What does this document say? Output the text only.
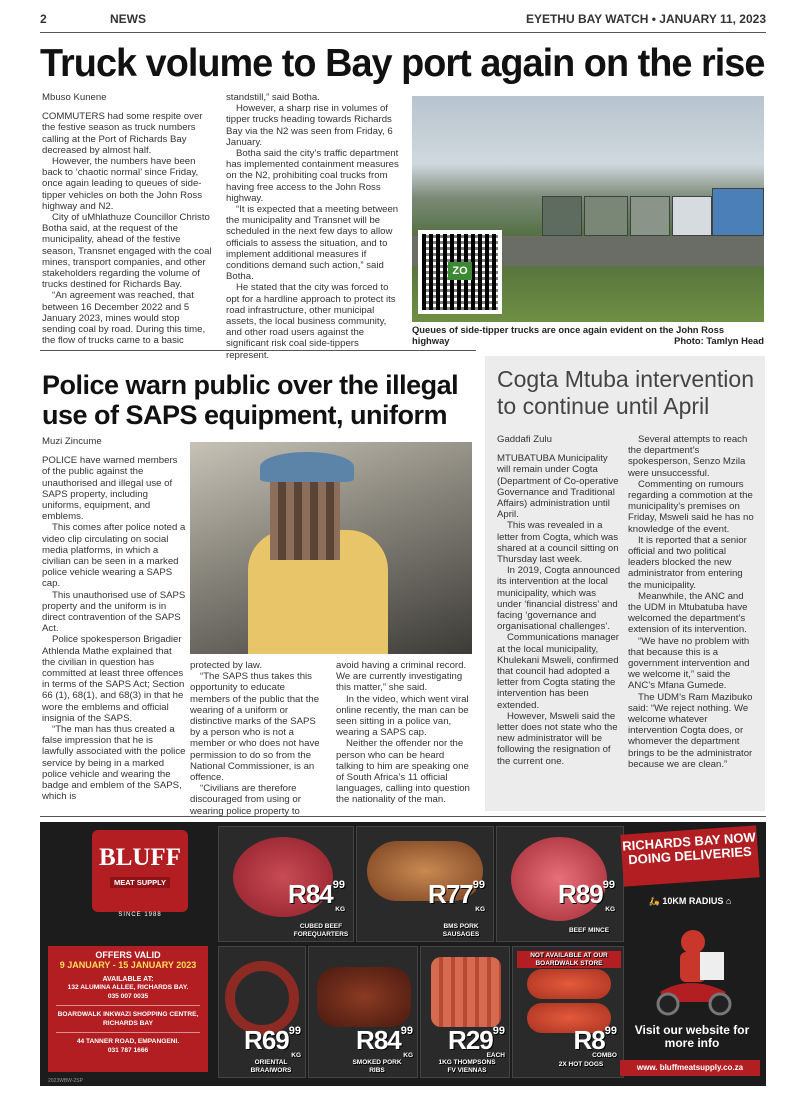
2	NEWS	EYETHU BAY WATCH • JANUARY 11, 2023
Truck volume to Bay port again on the rise
Mbuso Kunene

COMMUTERS had some respite over the festive season as truck numbers calling at the Port of Richards Bay decreased by almost half.

However, the numbers have been back to ‘chaotic normal’ since Friday, once again leading to queues of side-tipper vehicles on both the John Ross highway and N2.

City of uMhlathuze Councillor Christo Botha said, at the request of the municipality, ahead of the festive season, Transnet engaged with the coal mines, transport companies, and other stakeholders regarding the volume of trucks destined for Richards Bay.

“An agreement was reached, that between 16 December 2022 and 5 January 2023, mines would stop sending coal by road. During this time, the flow of trucks came to a basic

standstill,” said Botha.

However, a sharp rise in volumes of tipper trucks heading towards Richards Bay via the N2 was seen from Friday, 6 January.

Botha said the city’s traffic department has implemented containment measures on the N2, prohibiting coal trucks from having free access to the John Ross highway.

“It is expected that a meeting between the municipality and Transnet will be scheduled in the next few days to allow officials to assess the situation, and to implement additional measures if conditions demand such action,” said Botha.

He stated that the city was forced to opt for a hardline approach to protect its road infrastructure, other municipal assets, the local business community, and other road users against the significant risk coal side-tippers represent.

ZO
Queues of side-tipper trucks are once again evident on the John Ross highway	Photo: Tamlyn Head
Police warn public over the illegal use of SAPS equipment, uniform
Muzi Zincume

POLICE have warned members of the public against the unauthorised and illegal use of SAPS property, including uniforms, equipment, and emblems.

This comes after police noted a video clip circulating on social media platforms, in which a civilian can be seen in a marked police vehicle wearing a SAPS cap.

This unauthorised use of SAPS property and the uniform is in direct contravention of the SAPS Act.

Police spokesperson Brigadier Athlenda Mathe explained that the civilian in question has committed at least three offences in terms of the SAPS Act; Section 66 (1), 68(1), and 68(3) in that he wore the emblems and official insignia of the SAPS.

“The man has thus created a false impression that he is lawfully associated with the police service by being in a marked police vehicle and wearing the badge and emblem of the SAPS, which is

protected by law.

“The SAPS thus takes this opportunity to educate members of the public that the wearing of a uniform or distinctive marks of the SAPS by a person who is not a member or who does not have permission to do so from the National Commissioner, is an offence.

“Civilians are therefore discouraged from using or wearing police property to

avoid having a criminal record. We are currently investigating this matter,” she said.

In the video, which went viral online recently, the man can be seen sitting in a police van, wearing a SAPS cap.

Neither the offender nor the person who can be heard talking to him are speaking one of South Africa’s 11 official languages, calling into question the nationality of the man.

Cogta Mtuba intervention to continue until April
Gaddafi Zulu

MTUBATUBA Municipality will remain under Cogta (Department of Co-operative Governance and Traditional Affairs) administration until April.

This was revealed in a letter from Cogta, which was shared at a council sitting on Thursday last week.

In 2019, Cogta announced its intervention at the local municipality, which was under ‘financial distress’ and facing ‘governance and organisational challenges’.

Communications manager at the local municipality, Khulekani Msweli, confirmed that council had adopted a letter from Cogta stating the intervention has been extended.

However, Msweli said the letter does not state who the new administrator will be following the resignation of the current one.

Several attempts to reach the department’s spokesperson, Senzo Mzila were unsuccessful.

Commenting on rumours regarding a commotion at the municipality’s premises on Friday, Msweli said he has no knowledge of the event.

It is reported that a senior official and two political leaders blocked the new administrator from entering the municipality.

Meanwhile, the ANC and the UDM in Mtubatuba have welcomed the department’s extension of its intervention.

“We have no problem with that because this is a government intervention and we welcome it,” said the ANC’s Mfana Gumede.

The UDM’s Ram Mazibuko said: “We reject nothing. We welcome whatever intervention Cogta does, or whomever the department brings to be the administrator because we are clean.”

BLUFF
MEAT SUPPLY
SINCE 1988
OFFERS VALID
9 JANUARY - 15 JANUARY 2023
AVAILABLE AT:
132 ALUMINA ALLEE, RICHARDS BAY.
035 007 0035
BOARDWALK INKWAZI SHOPPING CENTRE, RICHARDS BAY
44 TANNER ROAD, EMPANGENI.
031 787 1666
$R84^{99}$
KG
CUBED BEEF FOREQUARTERS
$R77^{99}$
KG
BMS PORK SAUSAGES
$R89^{99}$
KG
BEEF MINCE
$R69^{99}$
KG
ORIENTAL BRAAIWORS
$R84^{99}$
KG
SMOKED PORK RIBS
$R29^{99}$
EACH
1KG THOMPSONS FV VIENNAS
NOT AVAILABLE AT OUR BOARDWALK STORE
$R8^{99}$
COMBO
2X HOT DOGS
RICHARDS BAY NOW DOING DELIVERIES
🛵 10KM RADIUS ⌂
Visit our website for more info
www. bluffmeatsupply.co.za
2023WBW-2SP
